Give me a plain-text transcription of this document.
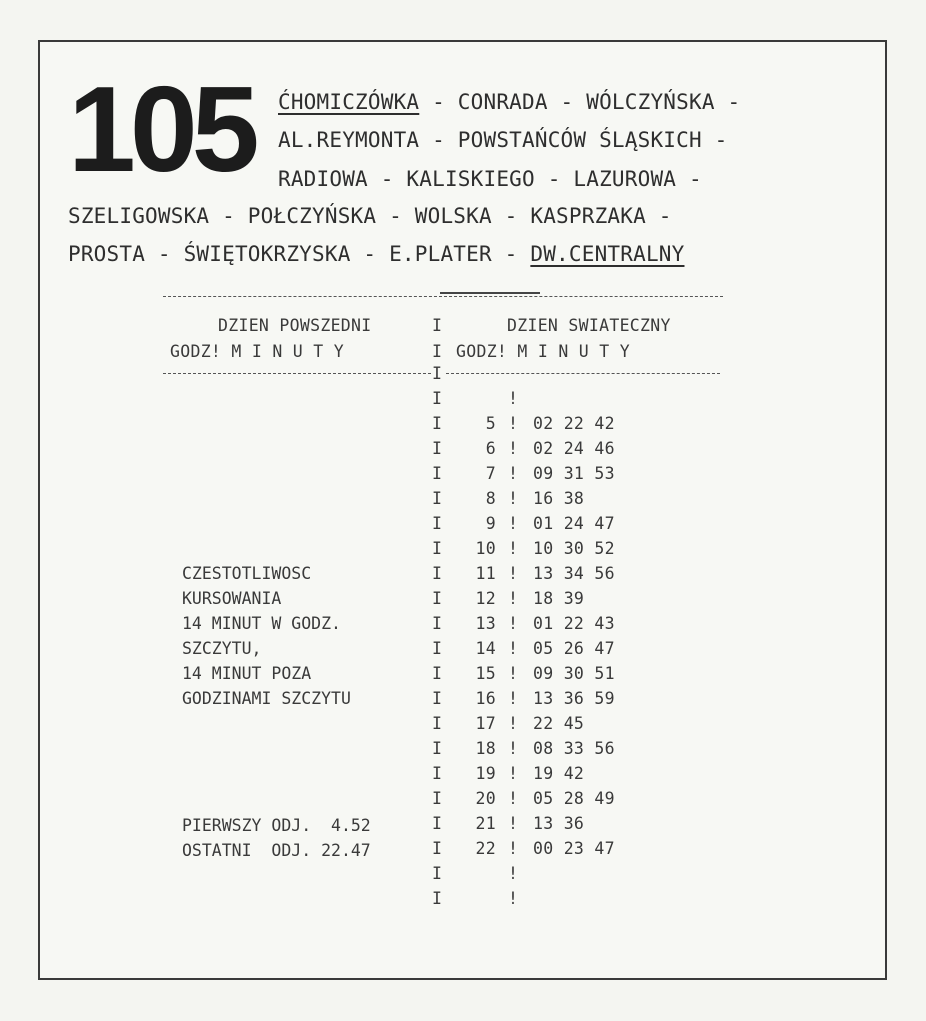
105 ĆHOMICZÓWKA - CONRADA - WÓLCZYŃSKA -
AL.REYMONTA - POWSTAŃCÓW ŚLĄSKICH -
RADIOWA - KALISKIEGO - LAZUROWA -
SZELIGOWSKA - POŁCZYŃSKA - WOLSKA - KASPRZAKA -
PROSTA - ŚWIĘTOKRZYSKA - E.PLATER - DW.CENTRALNY
DZIEN POWSZEDNI	DZIEN SWIATECZNY
I
GODZ! M I N U T Y	I GODZ! M I N U T Y
I
I	!
I	5 ! 02 22 42
I	6 ! 02 24 46
I	7 ! 09 31 53
I	8 ! 16 38
I	9 ! 01 24 47
I	10 ! 10 30 52
I	11 ! 13 34 56
I	12 ! 18 39
I	13 ! 01 22 43
I	14 ! 05 26 47
I	15 ! 09 30 51
I	16 ! 13 36 59
I	17 ! 22 45
I	18 ! 08 33 56
I	19 ! 19 42
I	20 ! 05 28 49
I	21 ! 13 36
I	22 ! 00 23 47
I	!
I	!
CZESTOTLIWOSC
KURSOWANIA
14 MINUT W GODZ.
SZCZYTU,
14 MINUT POZA
GODZINAMI SZCZYTU
PIERWSZY ODJ.  4.52
OSTATNI  ODJ. 22.47
